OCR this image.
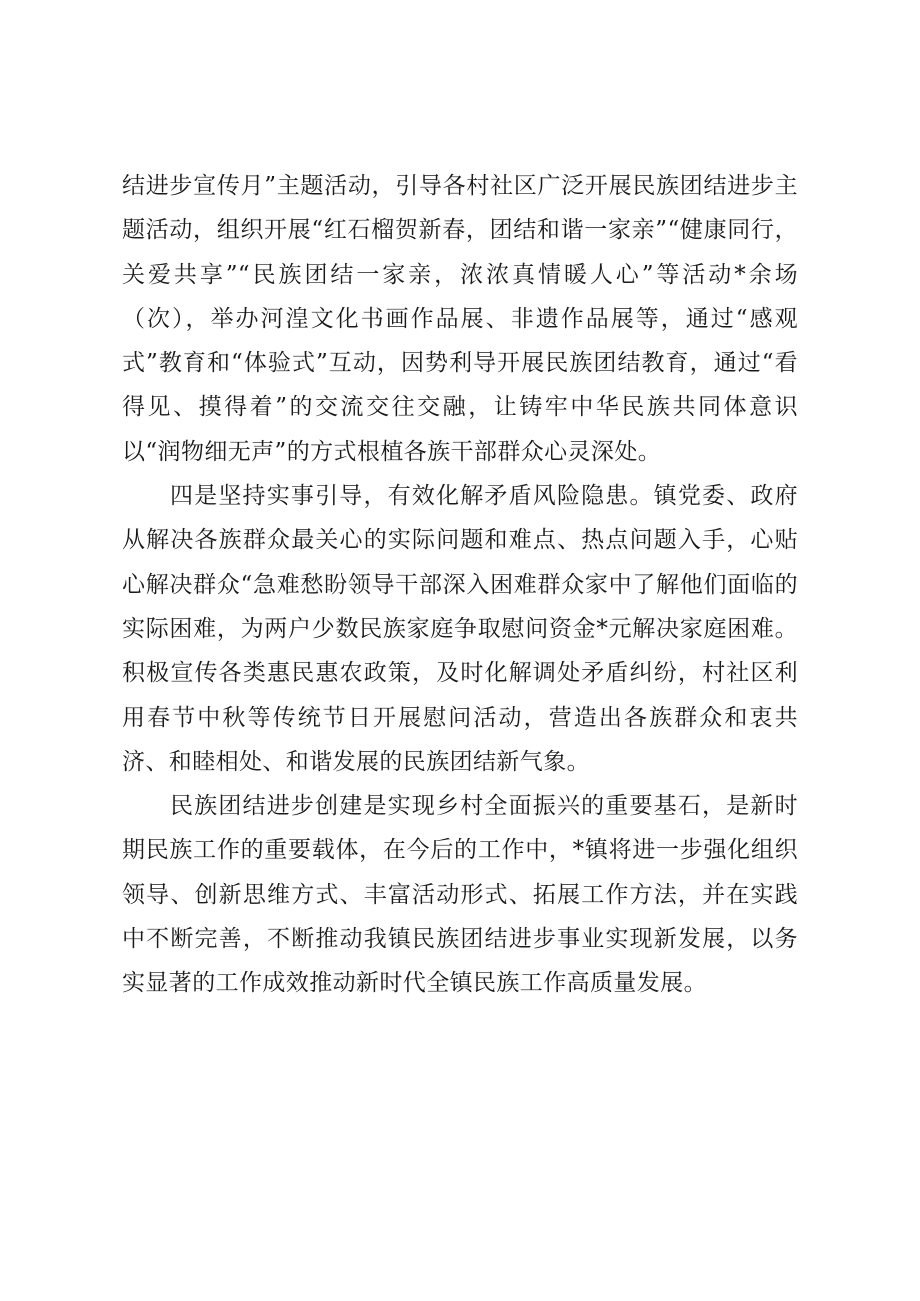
结进步宣传月”主题活动，引导各村社区广泛开展民族团结进步主题活动，组织开展“红石榴贺新春，团结和谐一家亲”“健康同行，关爱共享”“民族团结一家亲，浓浓真情暖人心”等活动*余场（次），举办河湟文化书画作品展、非遗作品展等，通过“感观式”教育和“体验式”互动，因势利导开展民族团结教育，通过“看得见、摸得着”的交流交往交融，让铸牢中华民族共同体意识以“润物细无声”的方式根植各族干部群众心灵深处。

四是坚持实事引导，有效化解矛盾风险隐患。镇党委、政府从解决各族群众最关心的实际问题和难点、热点问题入手，心贴心解决群众“急难愁盼领导干部深入困难群众家中了解他们面临的实际困难，为两户少数民族家庭争取慰问资金*元解决家庭困难。积极宣传各类惠民惠农政策，及时化解调处矛盾纠纷，村社区利用春节中秋等传统节日开展慰问活动，营造出各族群众和衷共济、和睦相处、和谐发展的民族团结新气象。

民族团结进步创建是实现乡村全面振兴的重要基石，是新时期民族工作的重要载体，在今后的工作中，*镇将进一步强化组织领导、创新思维方式、丰富活动形式、拓展工作方法，并在实践中不断完善，不断推动我镇民族团结进步事业实现新发展，以务实显著的工作成效推动新时代全镇民族工作高质量发展。
